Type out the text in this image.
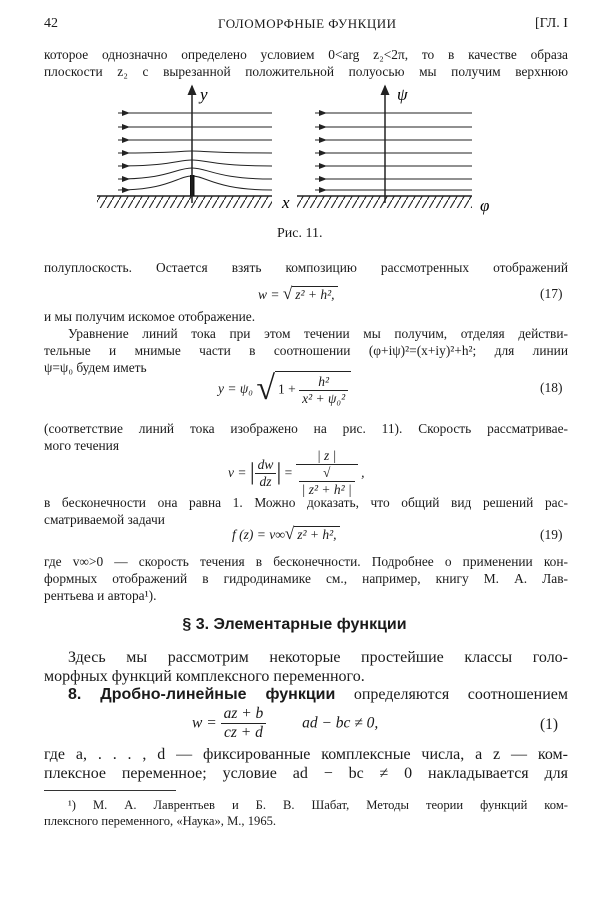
42	ГОЛОМОРФНЫЕ ФУНКЦИИ	[ГЛ. I
которое однозначно определено условием 0<arg z₂<2π, то в качестве образа
плоскости z₂ с вырезанной положительной полуосью мы получим верхнюю
y
x
ψ
φ
Рис. 11.
полуплоскость. Остается взять композицию рассмотренных отображений
w = √ z² + h²,	(17)
и мы получим искомое отображение.
Уравнение линий тока при этом течении мы получим, отделяя действи-
тельные и мнимые части в соотношении (φ+iψ)²=(x+iy)²+h²; для линии
ψ=ψ₀ будем иметь
y = ψ₀ √ $1 + \frac{\text{h²}}{\text{x² + ψ₀²}}$	(18)
(соответствие линий тока изображено на рис. 11). Скорость рассматривае-
мого течения
v = | $\frac{dw}{dz}$ | = | z |
√
| z² + h² | ,
в бесконечности она равна 1. Можно доказать, что общий вид решений рас-
сматриваемой задачи
f (z) = v∞√ z² + h²,	(19)
где v∞>0 — скорость течения в бесконечности. Подробнее о применении кон-
формных отображений в гидродинамике см., например, книгу М. А. Лав-
рентьева и автора¹).
§ 3. Элементарные функции
Здесь мы рассмотрим некоторые простейшие классы голо-
морфных функций комплексного переменного.
8. Дробно-линейные функции определяются соотношением
$w = \frac{az + b}{cz + d}$ ad − bc ≠ 0,	(1)
где a, . . . , d — фиксированные комплексные числа, а z — ком-
плексное переменное; условие ad − bc ≠ 0 накладывается для
¹) М. А. Лаврентьев и Б. В. Шабат, Методы теории функций ком-
плексного переменного, «Наука», М., 1965.
